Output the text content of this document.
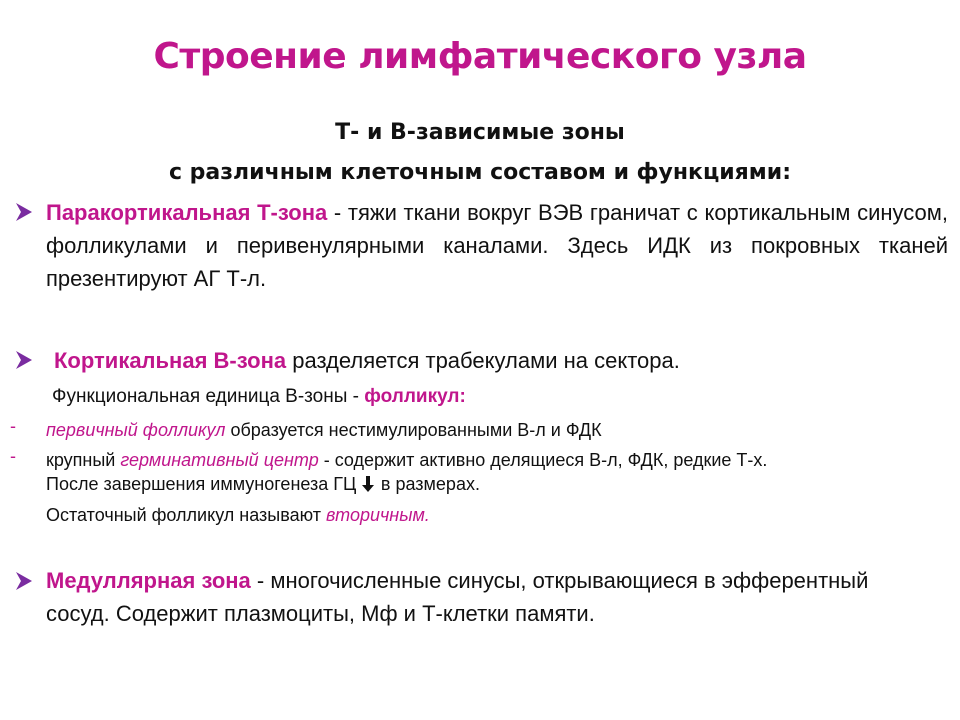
Строение лимфатического узла
Т- и В-зависимые зоны
с различным клеточным составом и функциями:
Паракортикальная Т-зона - тяжи ткани вокруг ВЭВ граничат с кортикальным синусом, фолликулами и перивенулярными каналами. Здесь ИДК из покровных тканей презентируют АГ Т-л.
Кортикальная В-зона разделяется трабекулами на сектора.
Функциональная единица В-зоны - фолликул:
- первичный фолликул образуется нестимулированными В-л и ФДК
- крупный герминативный центр - содержит активно делящиеся В-л, ФДК, редкие Т-х.
После завершения иммуногенеза ГЦ  в размерах.
Остаточный фолликул называют вторичным.
Медуллярная зона - многочисленные синусы, открывающиеся в эфферентный сосуд. Содержит плазмоциты, Мф и Т-клетки памяти.
